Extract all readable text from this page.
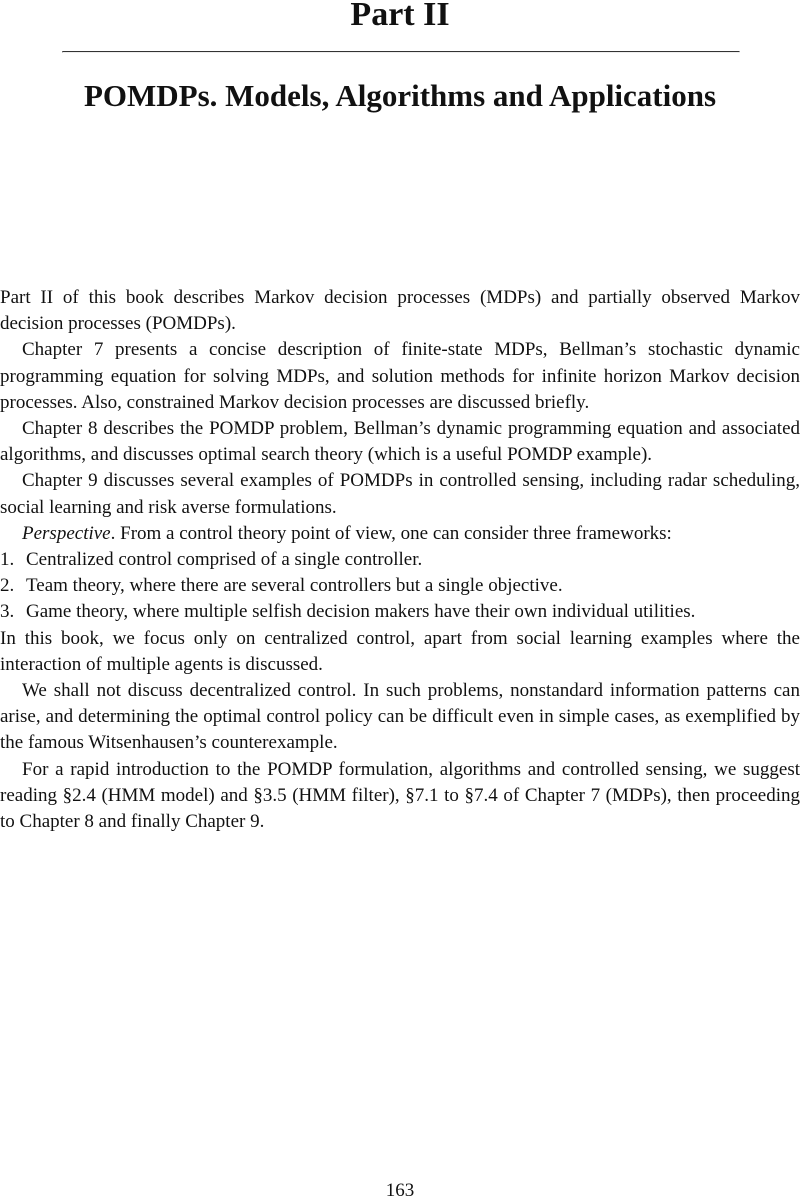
Part II
POMDPs. Models, Algorithms and Applications

Part II of this book describes Markov decision processes (MDPs) and partially observed Markov decision processes (POMDPs).

Chapter 7 presents a concise description of finite-state MDPs, Bellman’s stochastic dynamic programming equation for solving MDPs, and solution methods for infinite horizon Markov decision processes. Also, constrained Markov decision processes are discussed briefly.

Chapter 8 describes the POMDP problem, Bellman’s dynamic programming equation and associated algorithms, and discusses optimal search theory (which is a useful POMDP example).

Chapter 9 discusses several examples of POMDPs in controlled sensing, including radar scheduling, social learning and risk averse formulations.

Perspective. From a control theory point of view, one can consider three frameworks:

1. Centralized control comprised of a single controller.

2. Team theory, where there are several controllers but a single objective.

3. Game theory, where multiple selfish decision makers have their own individual utilities.

In this book, we focus only on centralized control, apart from social learning examples where the interaction of multiple agents is discussed.

We shall not discuss decentralized control. In such problems, nonstandard information patterns can arise, and determining the optimal control policy can be difficult even in simple cases, as exemplified by the famous Witsenhausen’s counterexample.

For a rapid introduction to the POMDP formulation, algorithms and controlled sensing, we suggest reading §2.4 (HMM model) and §3.5 (HMM filter), §7.1 to §7.4 of Chapter 7 (MDPs), then proceeding to Chapter 8 and finally Chapter 9.

163
